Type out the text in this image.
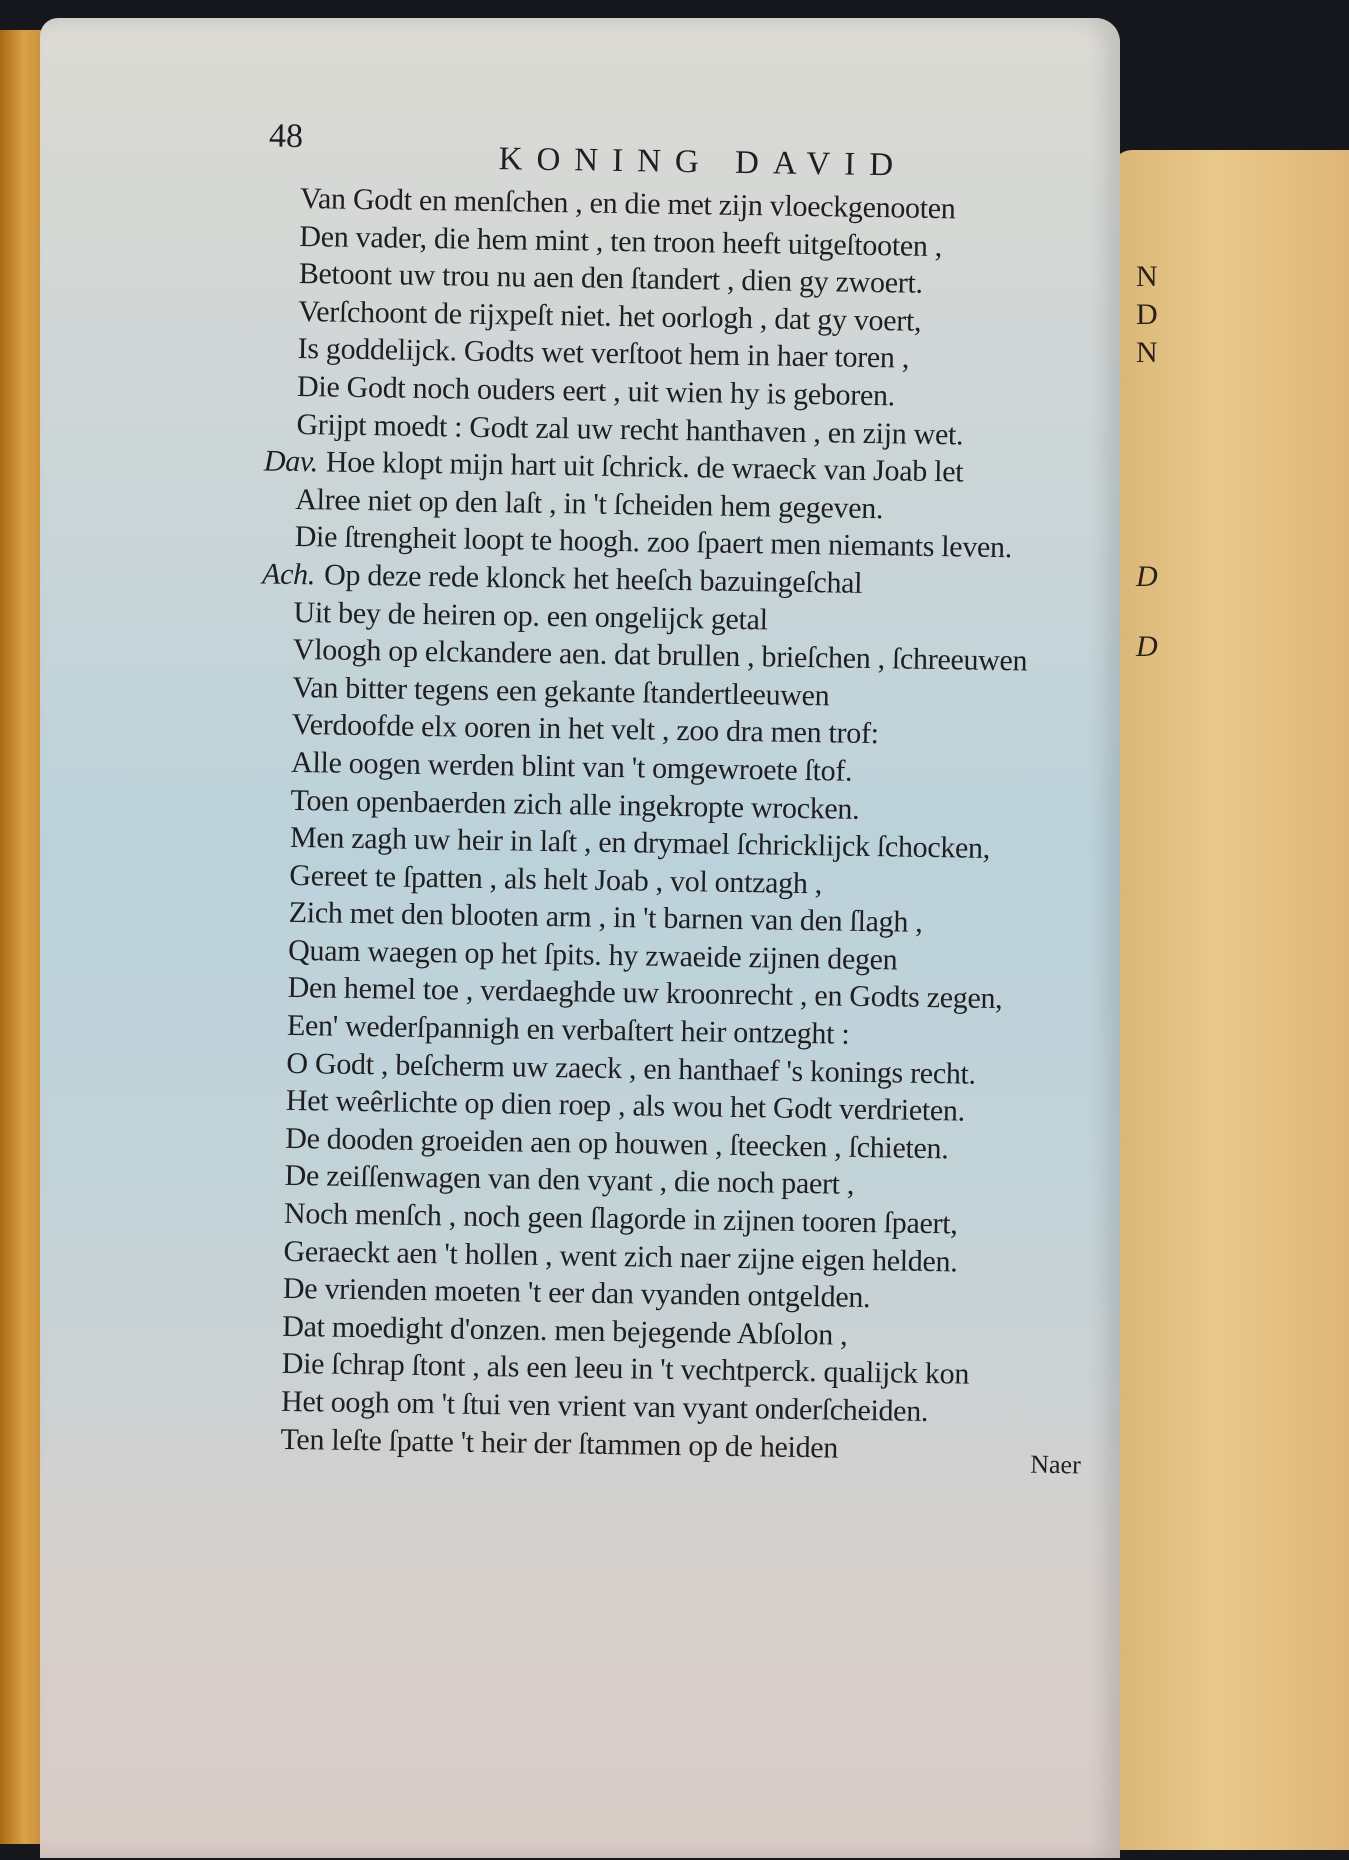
N
D
N
D
D
48
KONING DAVID
Van Godt en menſchen , en die met zijn vloeckgenooten
Den vader, die hem mint , ten troon heeft uitgeſtooten ,
Betoont uw trou nu aen den ſtandert , dien gy zwoert.
Verſchoont de rijxpeſt niet. het oorlogh , dat gy voert,
Is goddelijck. Godts wet verſtoot hem in haer toren ,
Die Godt noch ouders eert , uit wien hy is geboren.
Grijpt moedt : Godt zal uw recht hanthaven , en zijn wet.
Dav. Hoe klopt mijn hart uit ſchrick. de wraeck van Joab let
Alree niet op den laſt , in 't ſcheiden hem gegeven.
Die ſtrengheit loopt te hoogh. zoo ſpaert men niemants leven.
Ach. Op deze rede klonck het heeſch bazuingeſchal
Uit bey de heiren op. een ongelijck getal
Vloogh op elckandere aen. dat brullen , brieſchen , ſchreeuwen
Van bitter tegens een gekante ſtandertleeuwen
Verdoofde elx ooren in het velt , zoo dra men trof:
Alle oogen werden blint van 't omgewroete ſtof.
Toen openbaerden zich alle ingekropte wrocken.
Men zagh uw heir in laſt , en drymael ſchricklijck ſchocken,
Gereet te ſpatten , als helt Joab , vol ontzagh ,
Zich met den blooten arm , in 't barnen van den ſlagh ,
Quam waegen op het ſpits. hy zwaeide zijnen degen
Den hemel toe , verdaeghde uw kroonrecht , en Godts zegen,
Een' wederſpannigh en verbaſtert heir ontzeght :
O Godt , beſcherm uw zaeck , en hanthaef 's konings recht.
Het weêrlichte op dien roep , als wou het Godt verdrieten.
De dooden groeiden aen op houwen , ſteecken , ſchieten.
De zeiſſenwagen van den vyant , die noch paert ,
Noch menſch , noch geen ſlagorde in zijnen tooren ſpaert,
Geraeckt aen 't hollen , went zich naer zijne eigen helden.
De vrienden moeten 't eer dan vyanden ontgelden.
Dat moedight d'onzen. men bejegende Abſolon ,
Die ſchrap ſtont , als een leeu in 't vechtperck. qualijck kon
Het oogh om 't ſtui ven vrient van vyant onderſcheiden.
Ten leſte ſpatte 't heir der ſtammen op de heiden
Naer
